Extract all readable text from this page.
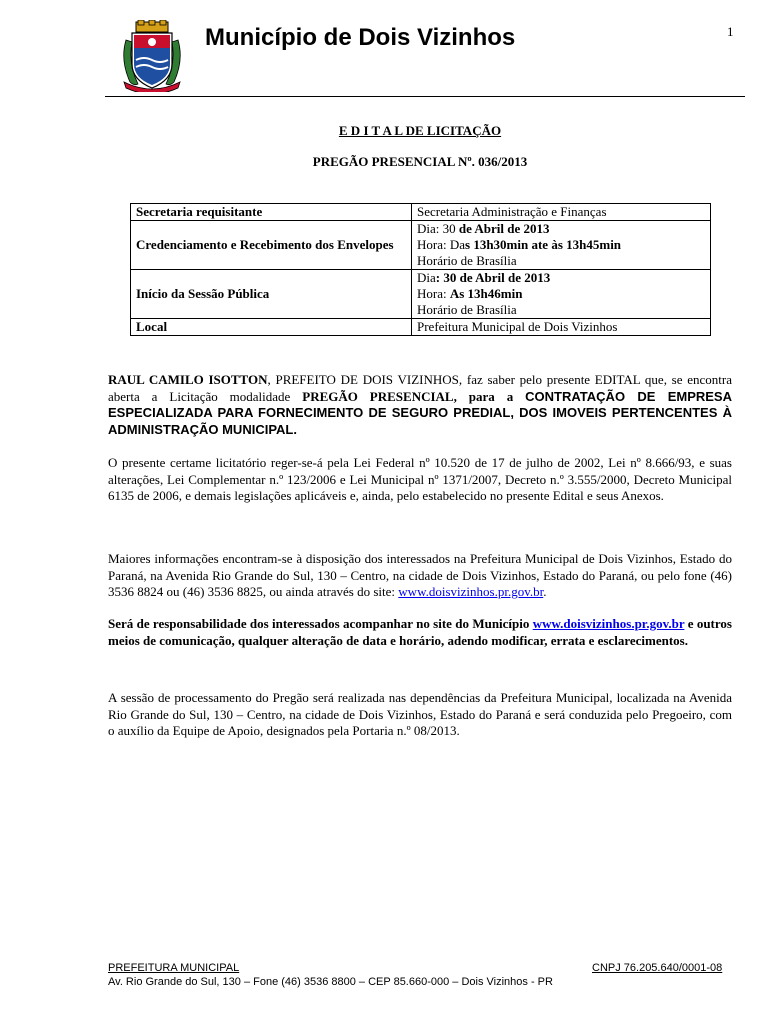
Município de Dois Vizinhos	1
E D I T A L DE LICITAÇÃO
PREGÃO PRESENCIAL Nº. 036/2013
Secretaria requisitante	Secretaria Administração e Finanças
Credenciamento e Recebimento dos Envelopes	Dia: 30 de Abril de 2013
Hora: Das 13h30min ate às 13h45min
Horário de Brasília

Início da Sessão Pública	Dia: 30 de Abril de 2013
Hora: As 13h46min
Horário de Brasília

Local	Prefeitura Municipal de Dois Vizinhos
RAUL CAMILO ISOTTON, PREFEITO DE DOIS VIZINHOS, faz saber pelo presente EDITAL que, se encontra aberta a Licitação modalidade PREGÃO PRESENCIAL, para a CONTRATAÇÃO DE EMPRESA ESPECIALIZADA PARA FORNECIMENTO DE SEGURO PREDIAL, DOS IMOVEIS PERTENCENTES À ADMINISTRAÇÃO MUNICIPAL.
O presente certame licitatório reger-se-á pela Lei Federal nº 10.520 de 17 de julho de 2002, Lei nº 8.666/93, e suas alterações, Lei Complementar n.º 123/2006 e Lei Municipal nº 1371/2007, Decreto n.º 3.555/2000, Decreto Municipal 6135 de 2006, e demais legislações aplicáveis e, ainda, pelo estabelecido no presente Edital e seus Anexos.
Maiores informações encontram-se à disposição dos interessados na Prefeitura Municipal de Dois Vizinhos, Estado do Paraná, na Avenida Rio Grande do Sul, 130 – Centro, na cidade de Dois Vizinhos, Estado do Paraná, ou pelo fone (46) 3536 8824 ou (46) 3536 8825, ou ainda através do site: www.doisvizinhos.pr.gov.br.
Será de responsabilidade dos interessados acompanhar no site do Município www.doisvizinhos.pr.gov.br e outros meios de comunicação, qualquer alteração de data e horário, adendo modificar, errata e esclarecimentos.
A sessão de processamento do Pregão será realizada nas dependências da Prefeitura Municipal, localizada na Avenida Rio Grande do Sul, 130 – Centro, na cidade de Dois Vizinhos, Estado do Paraná e será conduzida pelo Pregoeiro, com o auxílio da Equipe de Apoio, designados pela Portaria n.º 08/2013.
PREFEITURA MUNICIPAL	CNPJ 76.205.640/0001-08
Av. Rio Grande do Sul, 130 – Fone (46) 3536 8800 – CEP 85.660-000 – Dois Vizinhos - PR
